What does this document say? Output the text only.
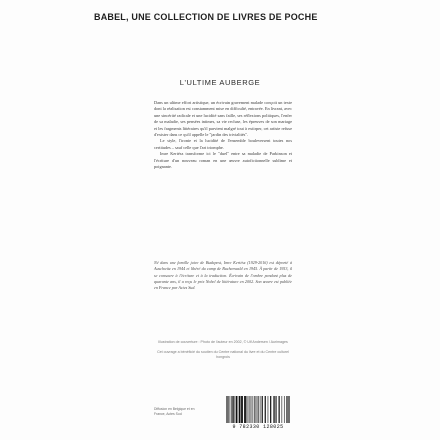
BABEL, UNE COLLECTION DE LIVRES DE POCHE
L'ULTIME AUBERGE

Dans un ultime effort artistique, un écrivain gravement malade conçoit un texte dont la réalisation est constamment mise en difficulté, entravée. En livrant, avec une sincérité radicale et une lucidité sans faille, ses réflexions politiques, l'enfer de sa maladie, ses pensées intimes, sa vie recluse, les épreuves de son mariage et les fragments littéraires qu'il parvient malgré tout à extirper, cet artiste refuse d'exister dans ce qu'il appelle le "jardin des trivialités".

Le style, l'ironie et la lucidité de l'ensemble bouleversent toutes nos certitudes – sauf celle que l'art triomphe.

Imre Kertész transforme ici le "duel" entre sa maladie de Parkinson et l'écriture d'un nouveau roman en une œuvre autofictionnelle sublime et poignante.

Né dans une famille juive de Budapest, Imre Kertész (1929-2016) est déporté à Auschwitz en 1944 et libéré du camp de Buchenwald en 1945. À partir de 1953, il se consacre à l'écriture et à la traduction. Écrivain de l'ombre pendant plus de quarante ans, il a reçu le prix Nobel de littérature en 2002. Son œuvre est publiée en France par Actes Sud.

Illustration de couverture : Photo de l'auteur en 2002, © Ulf Andersen / Aurimages

Cet ouvrage a bénéficié du soutien du Centre national du livre et du Centre culturel hongrois

Diffusion en Belgique et en France, Actes Sud
9 782330 128025
